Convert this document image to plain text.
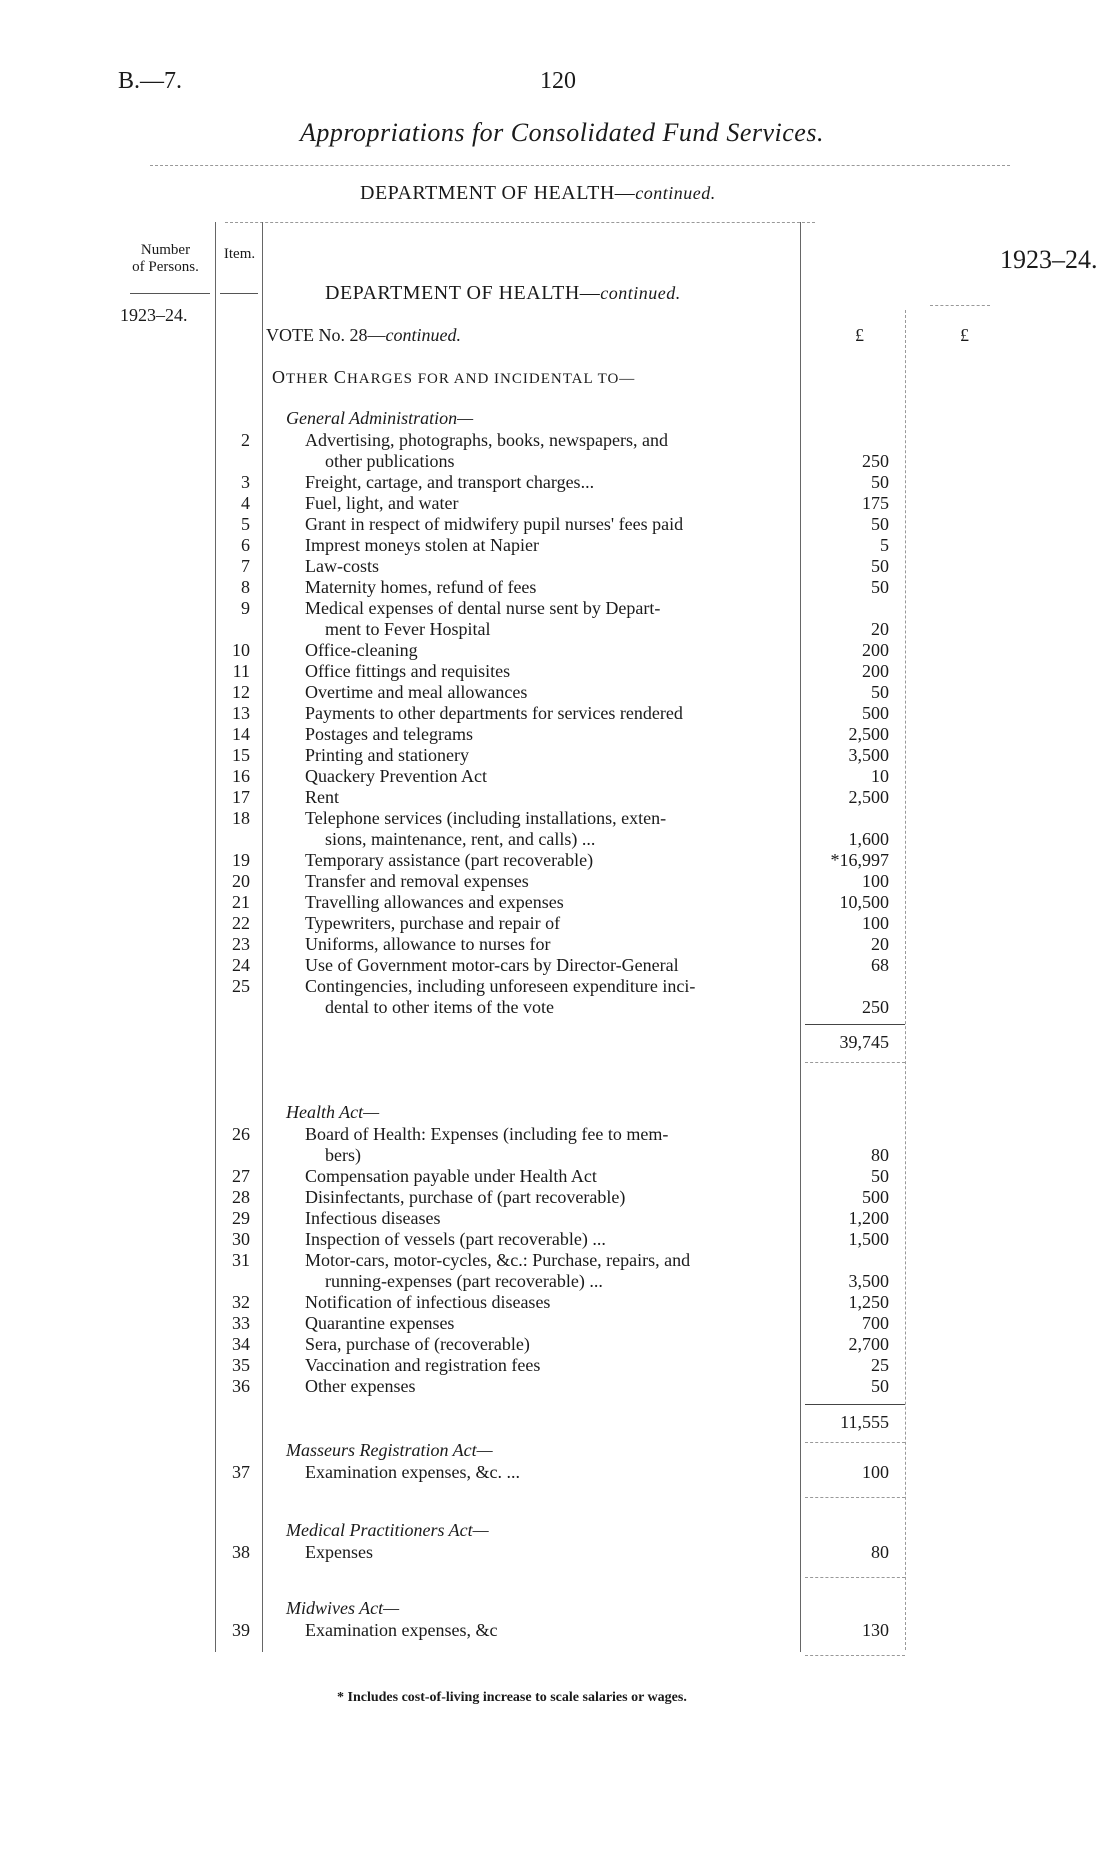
B.—7.	120
Appropriations for Consolidated Fund Services.
DEPARTMENT OF HEALTH—continued.
Number
of Persons.
Item.
1923–24.
1923–24.
£	£
DEPARTMENT OF HEALTH—continued.
VOTE No. 28—continued.
OTHER CHARGES FOR AND INCIDENTAL TO—
General Administration—
2	Advertising, photographs, books, newspapers, and
other publications	250
3	Freight, cartage, and transport charges...	50
4	Fuel, light, and water	175
5	Grant in respect of midwifery pupil nurses' fees paid	50
6	Imprest moneys stolen at Napier	5
7	Law-costs	50
8	Maternity homes, refund of fees	50
9	Medical expenses of dental nurse sent by Depart-
ment to Fever Hospital	20
10	Office-cleaning	200
11	Office fittings and requisites	200
12	Overtime and meal allowances	50
13	Payments to other departments for services rendered	500
14	Postages and telegrams	2,500
15	Printing and stationery	3,500
16	Quackery Prevention Act	10
17	Rent	2,500
18	Telephone services (including installations, exten-
sions, maintenance, rent, and calls) ...	1,600
19	Temporary assistance (part recoverable)	*16,997
20	Transfer and removal expenses	100
21	Travelling allowances and expenses	10,500
22	Typewriters, purchase and repair of	100
23	Uniforms, allowance to nurses for	20
24	Use of Government motor-cars by Director-General	68
25	Contingencies, including unforeseen expenditure inci-
dental to other items of the vote	250
39,745
Health Act—
26	Board of Health: Expenses (including fee to mem-
bers)	80
27	Compensation payable under Health Act	50
28	Disinfectants, purchase of (part recoverable)	500
29	Infectious diseases	1,200
30	Inspection of vessels (part recoverable) ...	1,500
31	Motor-cars, motor-cycles, &c.: Purchase, repairs, and
running-expenses (part recoverable) ...	3,500
32	Notification of infectious diseases	1,250
33	Quarantine expenses	700
34	Sera, purchase of (recoverable)	2,700
35	Vaccination and registration fees	25
36	Other expenses	50
11,555
Masseurs Registration Act—
37	Examination expenses, &c. ...	100
Medical Practitioners Act—
38	Expenses	80
Midwives Act—
39	Examination expenses, &c	130
* Includes cost-of-living increase to scale salaries or wages.
